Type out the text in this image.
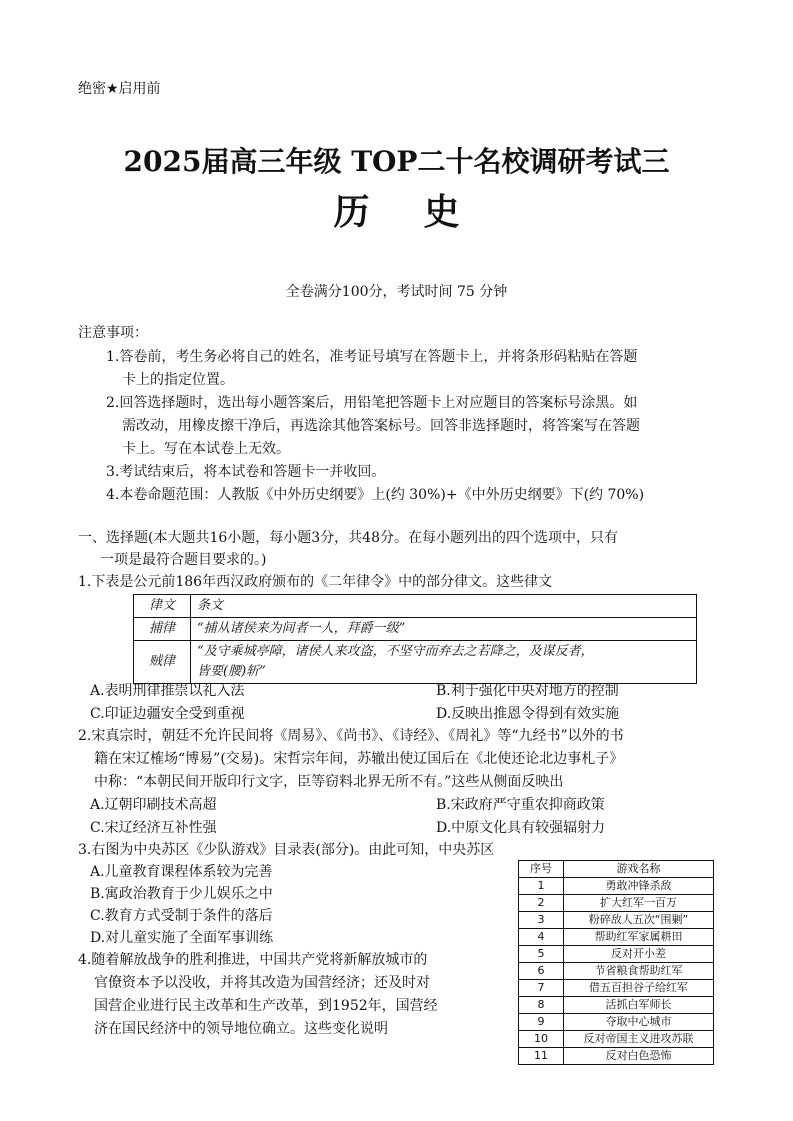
绝密★启用前
2025届高三年级 TOP二十名校调研考试三
历 史
全卷满分100分，考试时间 75 分钟
注意事项：
1.答卷前，考生务必将自己的姓名，准考证号填写在答题卡上，并将条形码粘贴在答题
卡上的指定位置。
2.回答选择题时，选出每小题答案后，用铅笔把答题卡上对应题目的答案标号涂黑。如
需改动，用橡皮擦干净后，再选涂其他答案标号。回答非选择题时，将答案写在答题
卡上。写在本试卷上无效。
3.考试结束后，将本试卷和答题卡一并收回。
4.本卷命题范围：人教版《中外历史纲要》上(约 30%)+《中外历史纲要》下(约 70%)
一、选择题(本大题共16小题，每小题3分，共48分。在每小题列出的四个选项中，只有
一项是最符合题目要求的。)
1.下表是公元前186年西汉政府颁布的《二年律令》中的部分律文。这些律文
律文	条文
捕律	“捕从诸侯来为间者一人，拜爵一级”
贼律	“及守乘城亭障，诸侯人来攻盗，不坚守而弃去之若降之，及谋反者，
皆要(腰)斩”
A.表明刑律推崇以礼入法	B.利于强化中央对地方的控制
C.印证边疆安全受到重视	D.反映出推恩令得到有效实施
2.宋真宗时，朝廷不允许民间将《周易》、《尚书》、《诗经》、《周礼》等“九经书”以外的书
籍在宋辽榷场“博易”(交易)。宋哲宗年间，苏辙出使辽国后在《北使还论北边事札子》
中称：“本朝民间开版印行文字，臣等窃料北界无所不有。”这些从侧面反映出
A.辽朝印刷技术高超	B.宋政府严守重农抑商政策
C.宋辽经济互补性强	D.中原文化具有较强辐射力
3.右图为中央苏区《少队游戏》目录表(部分)。由此可知，中央苏区
A.儿童教育课程体系较为完善
B.寓政治教育于少儿娱乐之中
C.教育方式受制于条件的落后
D.对儿童实施了全面军事训练
序号	游戏名称
1	勇敢冲锋杀敌
2	扩大红军一百万
3	粉碎敌人五次“围剿”
4	帮助红军家属耕田
5	反对开小差
6	节省粮食帮助红军
7	借五百担谷子给红军
8	活抓白军师长
9	夺取中心城市
10	反对帝国主义进攻苏联
11	反对白色恐怖
4.随着解放战争的胜利推进，中国共产党将新解放城市的
官僚资本予以没收，并将其改造为国营经济；还及时对
国营企业进行民主改革和生产改革，到1952年，国营经
济在国民经济中的领导地位确立。这些变化说明
